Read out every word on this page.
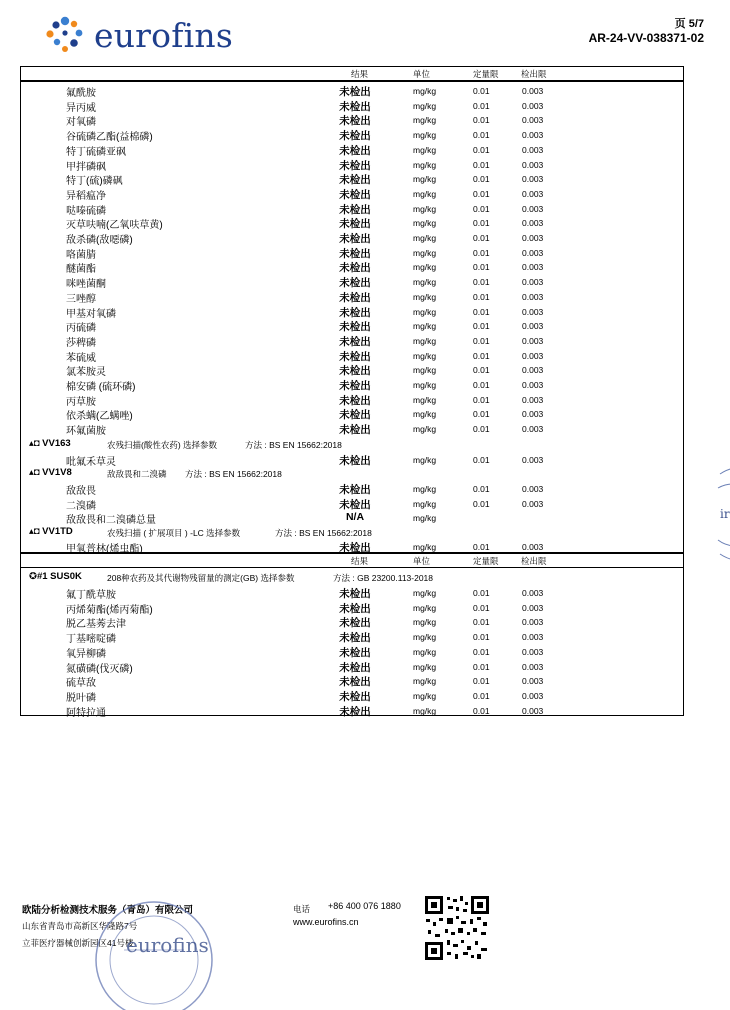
eurofins	页 5/7
AR-24-VV-038371-02
结果	单位	定量限	检出限
氟酰胺	未检出	mg/kg	0.01	0.003
异丙威	未检出	mg/kg	0.01	0.003
对氧磷	未检出	mg/kg	0.01	0.003
谷硫磷乙酯(益棉磷)	未检出	mg/kg	0.01	0.003
特丁硫磷亚砜	未检出	mg/kg	0.01	0.003
甲拌磷砜	未检出	mg/kg	0.01	0.003
特丁(硫)磷砜	未检出	mg/kg	0.01	0.003
异稻瘟净	未检出	mg/kg	0.01	0.003
哒嗪硫磷	未检出	mg/kg	0.01	0.003
灭草呋喃(乙氧呋草黄)	未检出	mg/kg	0.01	0.003
敌杀磷(敌噁磷)	未检出	mg/kg	0.01	0.003
咯菌腈	未检出	mg/kg	0.01	0.003
醚菌酯	未检出	mg/kg	0.01	0.003
咪唑菌酮	未检出	mg/kg	0.01	0.003
三唑醇	未检出	mg/kg	0.01	0.003
甲基对氧磷	未检出	mg/kg	0.01	0.003
丙硫磷	未检出	mg/kg	0.01	0.003
莎稗磷	未检出	mg/kg	0.01	0.003
苯硫威	未检出	mg/kg	0.01	0.003
氯苯胺灵	未检出	mg/kg	0.01	0.003
棉安磷 (硫环磷)	未检出	mg/kg	0.01	0.003
丙草胺	未检出	mg/kg	0.01	0.003
依杀螨(乙螨唑)	未检出	mg/kg	0.01	0.003
环氟菌胺	未检出	mg/kg	0.01	0.003
▴◘ VV163	农残扫描(酸性农药) 选择参数	方法 : BS EN 15662:2018
吡氟禾草灵	未检出	mg/kg	0.01	0.003
▴◘ VV1V8	敌敌畏和二溴磷 方法 : BS EN 15662:2018
敌敌畏	未检出	mg/kg	0.01	0.003
二溴磷	未检出	mg/kg	0.01	0.003
敌敌畏和二溴磷总量	N/A	mg/kg
▴◘ VV1TD	农残扫描 ( 扩展项目 ) -LC 选择参数	方法 : BS EN 15662:2018
甲氧普林(烯虫酯)	未检出	mg/kg	0.01	0.003
结果	单位	定量限	检出限
✪#1 SUS0K	208种农药及其代谢物残留量的测定(GB) 选择参数	方法 : GB 23200.113-2018
氟丁酰草胺	未检出	mg/kg	0.01	0.003
丙烯菊酯(烯丙菊酯)	未检出	mg/kg	0.01	0.003
脱乙基莠去津	未检出	mg/kg	0.01	0.003
丁基嘧啶磷	未检出	mg/kg	0.01	0.003
氧异柳磷	未检出	mg/kg	0.01	0.003
氮磺磷(伐灭磷)	未检出	mg/kg	0.01	0.003
硫草敌	未检出	mg/kg	0.01	0.003
脱叶磷	未检出	mg/kg	0.01	0.003
阿特拉通	未检出	mg/kg	0.01	0.003
ir
欧陆分析检测技术服务（青岛）有限公司
山东省青岛市高新区华隆路7号
立菲医疗器械创新园区41号楼
eurofins
电话 +86 400 076 1880
www.eurofins.cn
